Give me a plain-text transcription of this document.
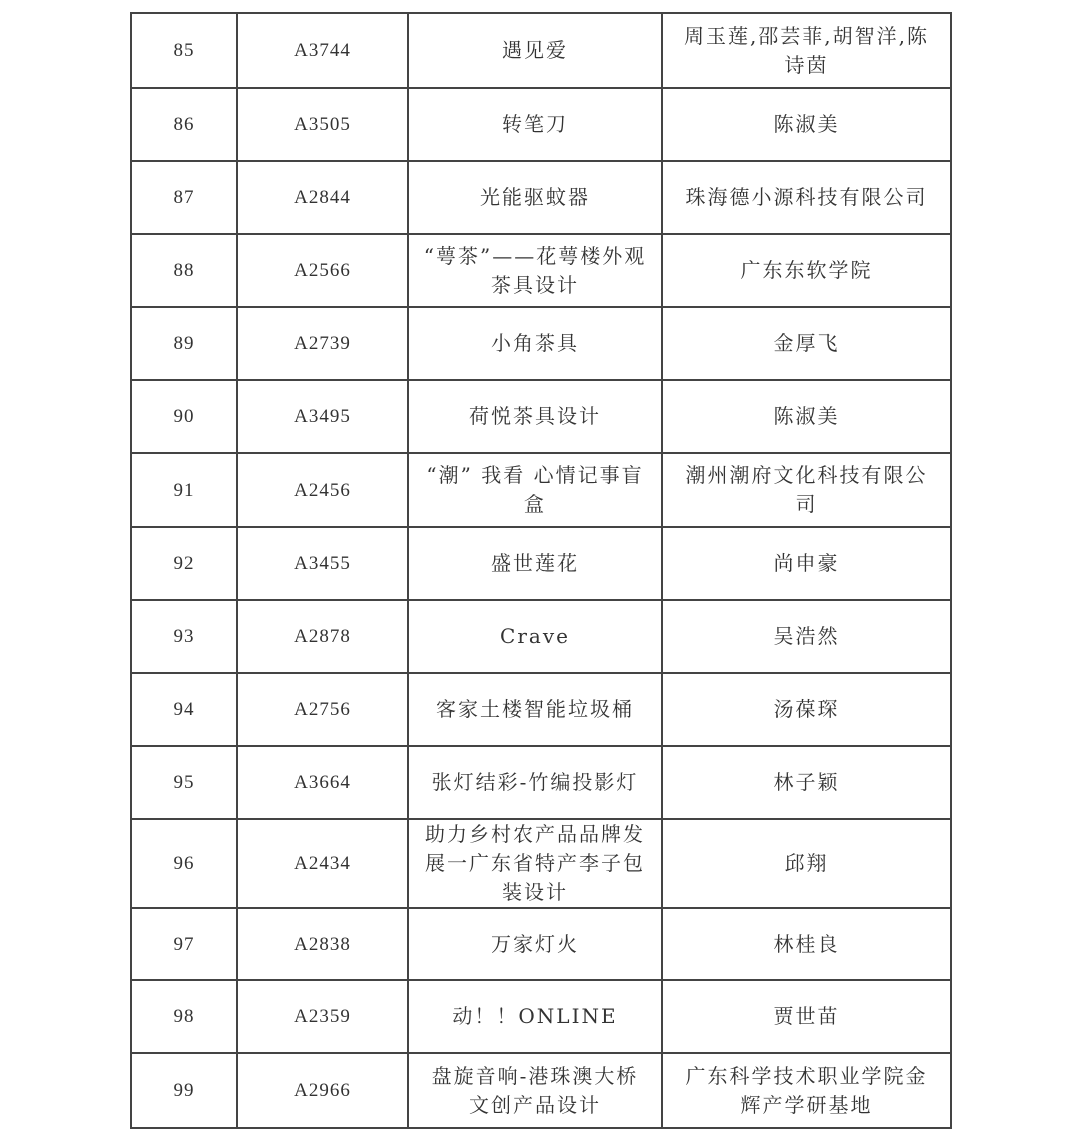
85	A3744	遇见爱	周玉莲,邵芸菲,胡智洋,陈诗茵
86	A3505	转笔刀	陈淑美
87	A2844	光能驱蚊器	珠海德小源科技有限公司
88	A2566	“萼茶”——花萼楼外观茶具设计	广东东软学院
89	A2739	小角茶具	金厚飞
90	A3495	荷悦茶具设计	陈淑美
91	A2456	“潮” 我看 心情记事盲盒	潮州潮府文化科技有限公司
92	A3455	盛世莲花	尚申豪
93	A2878	Crave	吴浩然
94	A2756	客家土楼智能垃圾桶	汤葆琛
95	A3664	张灯结彩-竹编投影灯	林子颖
96	A2434	助力乡村农产品品牌发展一广东省特产李子包装设计	邱翔
97	A2838	万家灯火	林桂良
98	A2359	动！！ONLINE	贾世苗
99	A2966	盘旋音响-港珠澳大桥文创产品设计	广东科学技术职业学院金辉产学研基地
